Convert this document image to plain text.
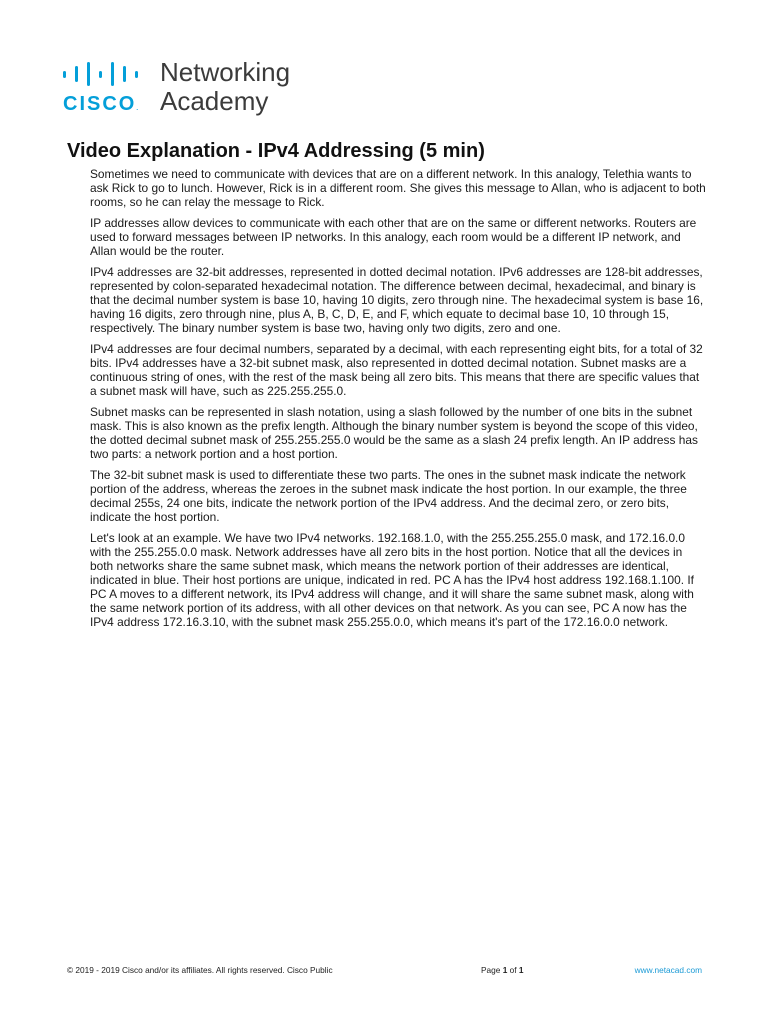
CISCO.
Networking
Academy
Video Explanation - IPv4 Addressing (5 min)

Sometimes we need to communicate with devices that are on a different network. In this analogy, Telethia wants to ask Rick to go to lunch. However, Rick is in a different room. She gives this message to Allan, who is adjacent to both rooms, so he can relay the message to Rick.

IP addresses allow devices to communicate with each other that are on the same or different networks. Routers are used to forward messages between IP networks. In this analogy, each room would be a different IP network, and Allan would be the router.

IPv4 addresses are 32-bit addresses, represented in dotted decimal notation. IPv6 addresses are 128-bit addresses, represented by colon-separated hexadecimal notation. The difference between decimal, hexadecimal, and binary is that the decimal number system is base 10, having 10 digits, zero through nine. The hexadecimal system is base 16, having 16 digits, zero through nine, plus A, B, C, D, E, and F, which equate to decimal base 10, 10 through 15, respectively. The binary number system is base two, having only two digits, zero and one.

IPv4 addresses are four decimal numbers, separated by a decimal, with each representing eight bits, for a total of 32 bits. IPv4 addresses have a 32-bit subnet mask, also represented in dotted decimal notation. Subnet masks are a continuous string of ones, with the rest of the mask being all zero bits. This means that there are specific values that a subnet mask will have, such as 225.255.255.0.

Subnet masks can be represented in slash notation, using a slash followed by the number of one bits in the subnet mask. This is also known as the prefix length. Although the binary number system is beyond the scope of this video, the dotted decimal subnet mask of 255.255.255.0 would be the same as a slash 24 prefix length. An IP address has two parts: a network portion and a host portion.

The 32-bit subnet mask is used to differentiate these two parts. The ones in the subnet mask indicate the network portion of the address, whereas the zeroes in the subnet mask indicate the host portion. In our example, the three decimal 255s, 24 one bits, indicate the network portion of the IPv4 address. And the decimal zero, or zero bits, indicate the host portion.

Let's look at an example. We have two IPv4 networks. 192.168.1.0, with the 255.255.255.0 mask, and 172.16.0.0 with the 255.255.0.0 mask. Network addresses have all zero bits in the host portion. Notice that all the devices in both networks share the same subnet mask, which means the network portion of their addresses are identical, indicated in blue. Their host portions are unique, indicated in red. PC A has the IPv4 host address 192.168.1.100. If PC A moves to a different network, its IPv4 address will change, and it will share the same subnet mask, along with the same network portion of its address, with all other devices on that network. As you can see, PC A now has the IPv4 address 172.16.3.10, with the subnet mask 255.255.0.0, which means it's part of the 172.16.0.0 network.

© 2019 - 2019 Cisco and/or its affiliates. All rights reserved. Cisco Public	Page 1 of 1	www.netacad.com
